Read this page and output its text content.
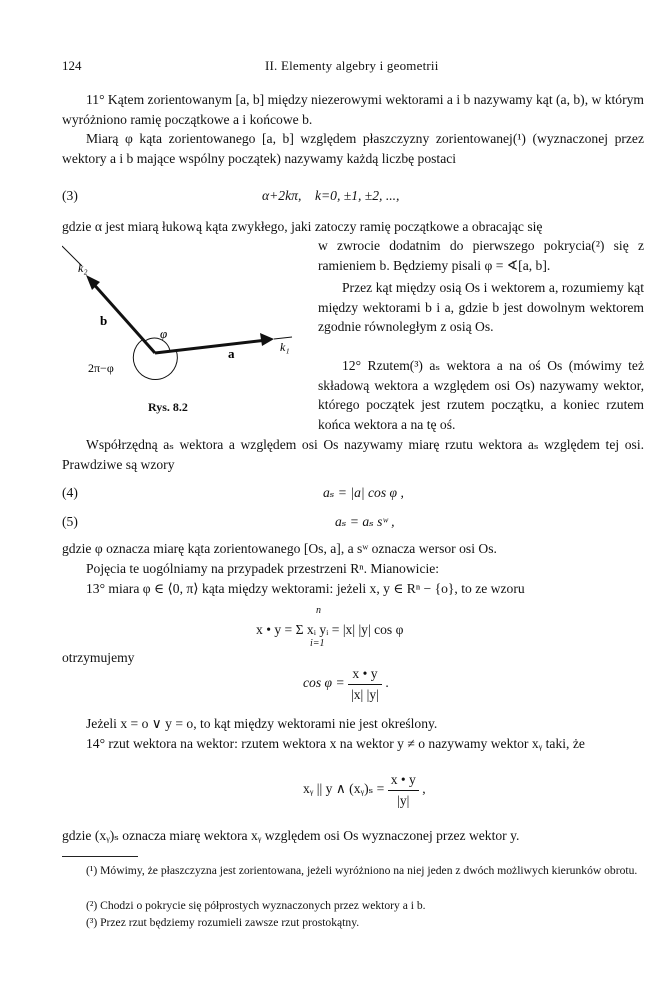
124	II. Elementy algebry i geometrii

11° Kątem zorientowanym [a, b] między niezerowymi wektorami a i b nazywamy kąt (a, b), w którym wyróżniono ramię początkowe a i końcowe b.

Miarą φ kąta zorientowanego [a, b] względem płaszczyzny zorientowanej(¹) (wyznaczonej przez wektory a i b mające wspólny początek) nazywamy każdą liczbę postaci

(3)	α+2kπ,    k=0, ±1, ±2, ...,

gdzie α jest miarą łukową kąta zwykłego, jaki zatoczy ramię początkowe a obracając się

k₂
k₁
b
a
φ
2π−φ
Rys. 8.2

w zwrocie dodatnim do pierwszego pokrycia(²) się z ramieniem b. Będziemy pisali φ = ∢[a, b].

Przez kąt między osią Os i wektorem a, rozumiemy kąt między wektorami b i a, gdzie b jest dowolnym wektorem zgodnie równoległym z osią Os.

12° Rzutem(³) aₛ wektora a na oś Os (mówimy też składową wektora a względem osi Os) nazywamy wektor, którego początek jest rzutem początku, a koniec rzutem końca wektora a na tę oś.

Współrzędną aₛ wektora a względem osi Os nazywamy miarę rzutu wektora aₛ względem tej osi. Prawdziwe są wzory

(4)	aₛ = |a| cos φ ,
(5)	aₛ = aₛ sʷ ,

gdzie φ oznacza miarę kąta zorientowanego [Os, a], a sʷ oznacza wersor osi Os.

Pojęcia te uogólniamy na przypadek przestrzeni Rⁿ. Mianowicie:

13° miara φ ∈ ⟨0, π⟩ kąta między wektorami: jeżeli x, y ∈ Rⁿ − {o}, to ze wzoru

x • y = Σ xᵢ yᵢ = |x| |y| cos φ
n
i=1

otrzymujemy

$\cos \varphi = \frac{x • y}{|x| |y|}$ .

Jeżeli x = o ∨ y = o, to kąt między wektorami nie jest określony.

14° rzut wektora na wektor: rzutem wektora x na wektor y ≠ o nazywamy wektor xᵧ taki, że

xᵧ || y ∧ (xᵧ)ₛ = $\frac{x • y}{|y|}$ ,

gdzie (xᵧ)ₛ oznacza miarę wektora xᵧ względem osi Os wyznaczonej przez wektor y.

(¹) Mówimy, że płaszczyzna jest zorientowana, jeżeli wyróżniono na niej jeden z dwóch możliwych kierunków obrotu.

(²) Chodzi o pokrycie się półprostych wyznaczonych przez wektory a i b.

(³) Przez rzut będziemy rozumieli zawsze rzut prostokątny.
